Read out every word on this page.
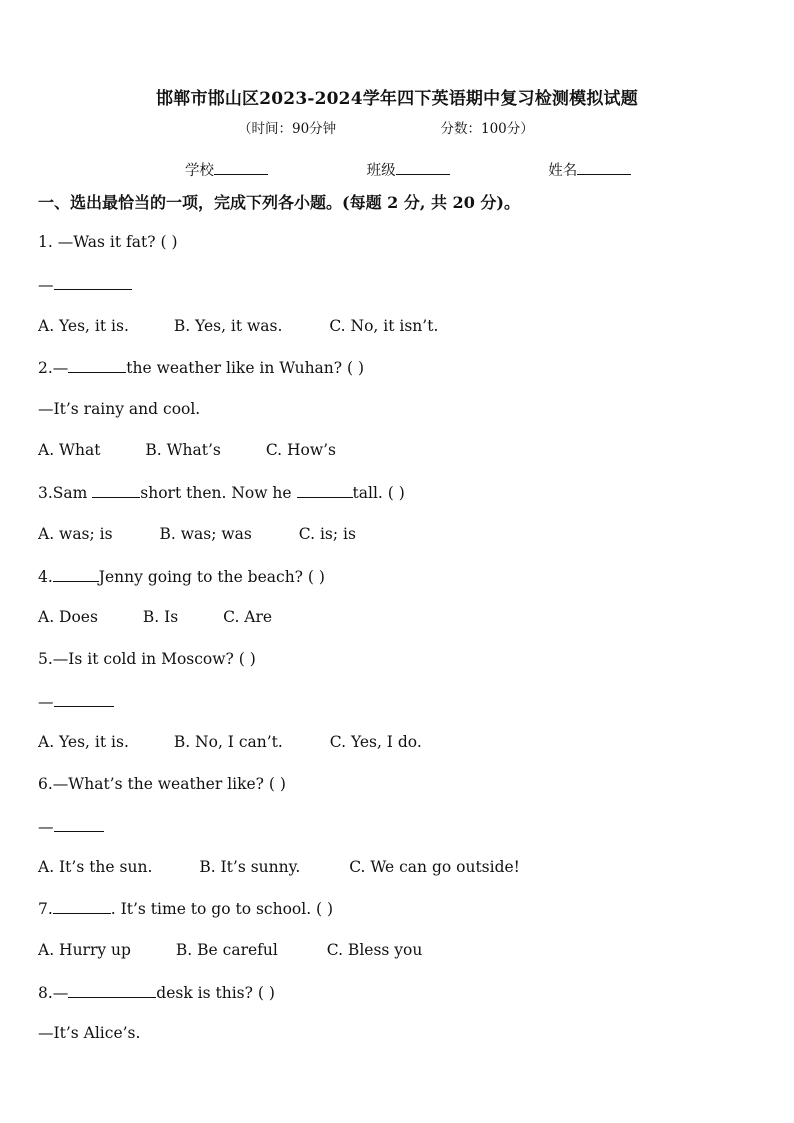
邯郸市邯山区2023-2024学年四下英语期中复习检测模拟试题
（时间：90分钟	分数：100分）
学校	班级	姓名
一、选出最恰当的一项，完成下列各小题。(每题 2 分, 共 20 分)。
1. —Was it fat? ( )
—
A. Yes, it is.	B. Yes, it was.	C. No, it isn’t.
2.—	the weather like in Wuhan? ( )
—It’s rainy and cool.
A. What	B. What’s	C. How’s
3.Sam	short then. Now he	tall. ( )
A. was; is	B. was; was	C. is; is
4.	Jenny going to the beach? ( )
A. Does	B. Is	C. Are
5.—Is it cold in Moscow? ( )
—
A. Yes, it is.	B. No, I can’t.	C. Yes, I do.
6.—What’s the weather like? ( )
—
A. It’s the sun.	B. It’s sunny.	C. We can go outside!
7.	. It’s time to go to school. ( )
A. Hurry up	B. Be careful	C. Bless you
8.—	desk is this? ( )
—It’s Alice’s.
